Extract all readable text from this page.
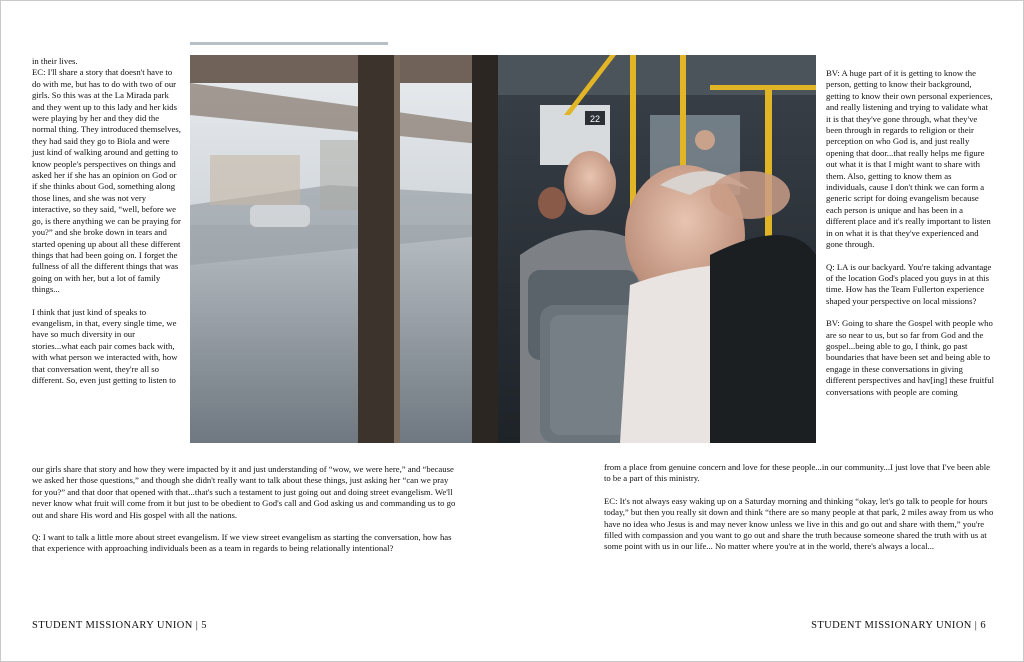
in their lives.
EC: I'll share a story that doesn't have to do with me, but has to do with two of our girls. So this was at the La Mirada park and they went up to this lady and her kids were playing by her and they did the normal thing. They introduced themselves, they had said they go to Biola and were just kind of walking around and getting to know people's perspectives on things and asked her if she has an opinion on God or if she thinks about God, something along those lines, and she was not very interactive, so they said, “well, before we go, is there anything we can be praying for you?” and she broke down in tears and started opening up about all these different things that had been going on. I forget the fullness of all the different things that was going on with her, but a lot of family things...

I think that just kind of speaks to evangelism, in that, every single time, we have so much diversity in our stories...what each pair comes back with, with what person we interacted with, how that conversation went, they're all so different. So, even just getting to listen to

our girls share that story and how they were impacted by it and just understanding of “wow, we were here,” and “because we asked her those questions,” and though she didn't really want to talk about these things, just asking her “can we pray for you?” and that door that opened with that...that's such a testament to just going out and doing street evangelism. We'll never know what fruit will come from it but just to be obedient to God's call and God asking us and commanding us to go out and share His word and His gospel with all the nations.

Q: I want to talk a little more about street evangelism. If we view street evangelism as starting the conversation, how has that experience with approaching individuals been as a team in regards to being relationally intentional?

BV: A huge part of it is getting to know the person, getting to know their background, getting to know their own personal experiences, and really listening and trying to validate what it is that they've gone through, what they've been through in regards to religion or their perception on who God is, and just really opening that door...that really helps me figure out what it is that I might want to share with them. Also, getting to know them as individuals, cause I don't think we can form a generic script for doing evangelism because each person is unique and has been in a different place and it's really important to listen in on what it is that they've experienced and gone through.

Q: LA is our backyard. You're taking advantage of the location God's placed you guys in at this time. How has the Team Fullerton experience shaped your perspective on local missions?

BV: Going to share the Gospel with people who are so near to us, but so far from God and the gospel...being able to go, I think, go past boundaries that have been set and being able to engage in these conversations in giving different perspectives and hav[ing] these fruitful conversations with people are coming

from a place from genuine concern and love for these people...in our community...I just love that I've been able to be a part of this ministry.

EC: It's not always easy waking up on a Saturday morning and thinking “okay, let's go talk to people for hours today,” but then you really sit down and think “there are so many people at that park, 2 miles away from us who have no idea who Jesus is and may never know unless we live in this and go out and share with them,” you're filled with compassion and you want to go out and share the truth because someone shared the truth with us at some point with us in our life... No matter where you're at in the world, there's always a local...

22
STUDENT MISSIONARY UNION | 5	STUDENT MISSIONARY UNION | 6
